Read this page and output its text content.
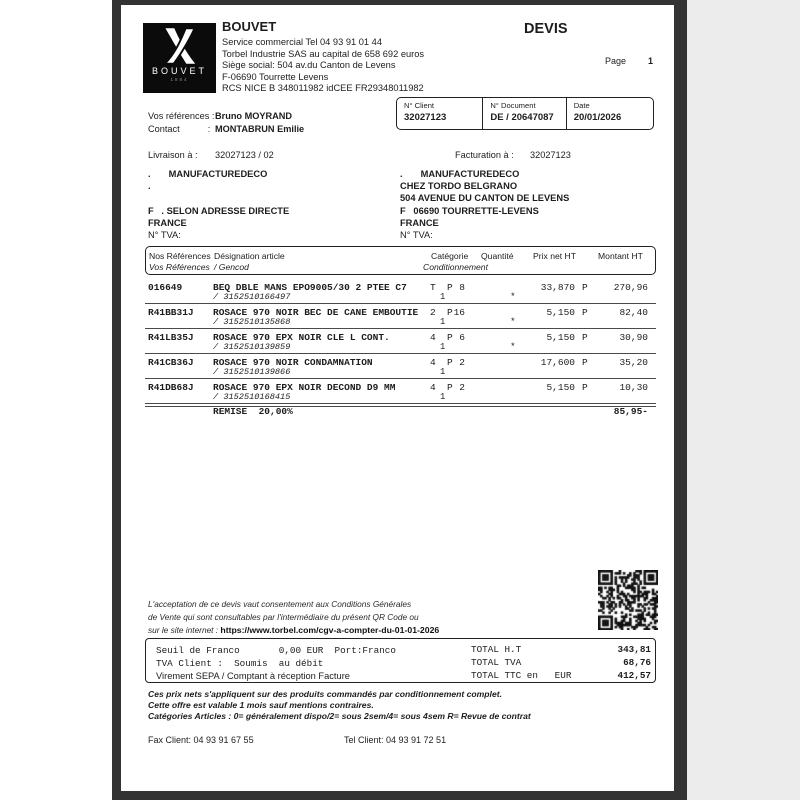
BOUVET
1884
BOUVET
Service commercial Tel 04 93 91 01 44
Torbel Industrie SAS au capital de 658 692 euros
Siège social: 504 av.du Canton de Levens
F-06690 Tourrette Levens
RCS NICE B 348011982 idCEE FR29348011982
DEVIS
Page 1
N° Client
32027123
N° Document
DE / 20647087
Date
20/01/2026
Vos références : Bruno MOYRAND
Contact           : MONTABRUN Emilie
Livraison à : 32027123 / 02	Facturation à : 32027123
.       MANUFACTUREDECO
.

F   . SELON ADRESSE DIRECTE
FRANCE
N° TVA:
.       MANUFACTUREDECO
CHEZ TORDO BELGRANO
504 AVENUE DU CANTON DE LEVENS
F   06690 TOURRETTE-LEVENS
FRANCE
N° TVA:
Nos Références Désignation article	Catégorie Quantité Prix net HT	Montant HT
Vos Références / Gencod	Conditionnement
016649	BEQ DBLE MANS EPO9005/30 2 PTEE C7 T P 8	33,870 P	270,96
/ 3152510166497	1	*
R41BB31J ROSACE 970 NOIR BEC DE CANE EMBOUTIE 2 P 16	5,150 P	82,40
/ 3152510135868	1	*
R41LB35J ROSACE 970 EPX NOIR CLE L CONT.	4 P 6	5,150 P	30,90
/ 3152510139859	1	*
R41CB36J ROSACE 970 NOIR CONDAMNATION	4 P 2	17,600 P	35,20
/ 3152510139866	1
R41DB68J ROSACE 970 EPX NOIR DECOND D9 MM	4 P 2	5,150 P	10,30
/ 3152510168415	1
REMISE  20,00%	85,95-
L'acceptation de ce devis vaut consentement aux Conditions Générales
de Vente qui sont consultables par l'intermédiaire du présent QR Code ou
sur le site internet : https://www.torbel.com/cgv-a-compter-du-01-01-2026
Seuil de Franco       0,00 EUR  Port:Franco
TVA Client :  Soumis  au débit
Virement SEPA / Comptant à réception Facture
TOTAL H.T	343,81
TOTAL TVA	68,76
TOTAL TTC en   EUR	412,57
Ces prix nets s'appliquent sur des produits commandés par conditionnement complet.
Cette offre est valable 1 mois sauf mentions contraires.
Catégories Articles : 0= généralement dispo/2= sous 2sem/4= sous 4sem R= Revue de contrat
Fax Client: 04 93 91 67 55	Tel Client: 04 93 91 72 51
